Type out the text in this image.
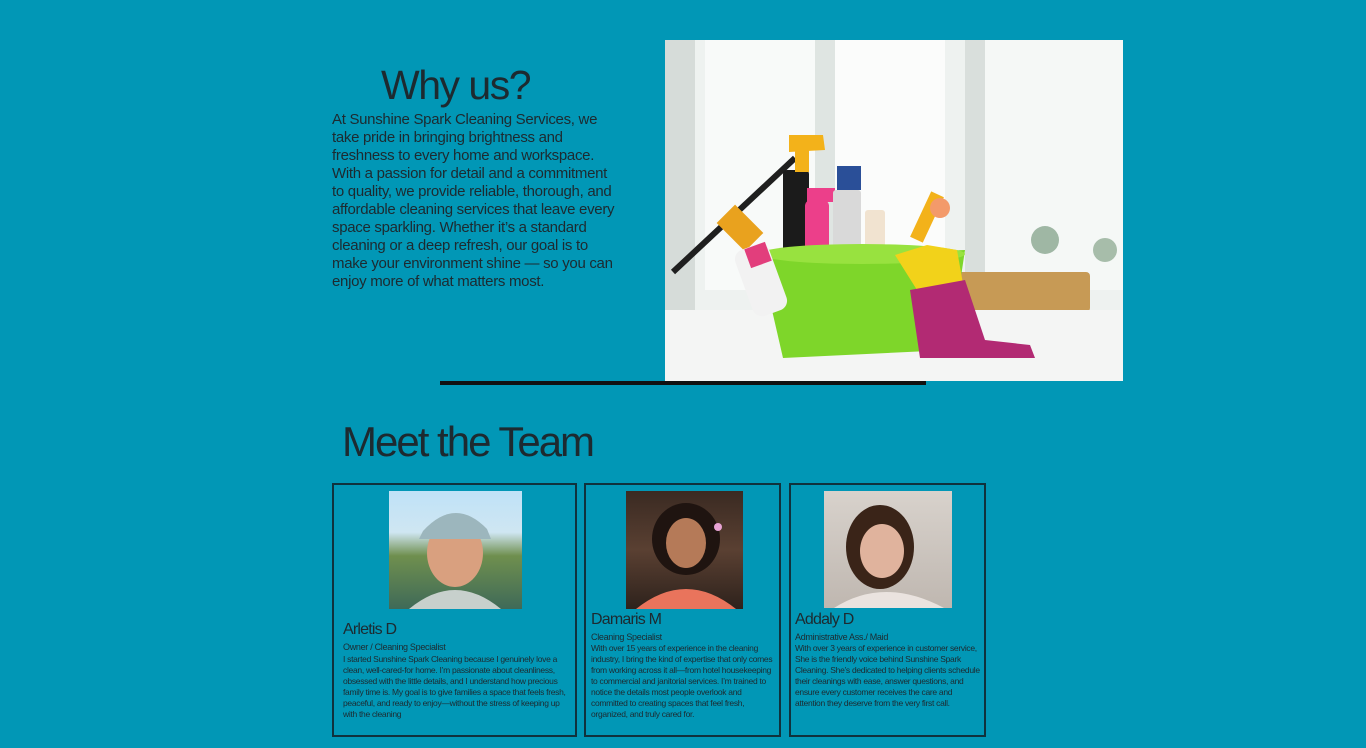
Why us?

At Sunshine Spark Cleaning Services, we take pride in bringing brightness and freshness to every home and workspace. With a passion for detail and a commitment to quality, we provide reliable, thorough, and affordable cleaning services that leave every space sparkling. Whether it’s a standard cleaning or a deep refresh, our goal is to make your environment shine — so you can enjoy more of what matters most.

Meet the Team

Arletis D

Owner / Cleaning Specialist

I started Sunshine Spark Cleaning because I genuinely love a clean, well-cared-for home. I’m passionate about cleanliness, obsessed with the little details, and I understand how precious family time is. My goal is to give families a space that feels fresh, peaceful, and ready to enjoy—without the stress of keeping up with the cleaning

Damaris M

Cleaning Specialist

With over 15 years of experience in the cleaning industry, I bring the kind of expertise that only comes from working across it all—from hotel housekeeping to commercial and janitorial services. I’m trained to notice the details most people overlook and committed to creating spaces that feel fresh, organized, and truly cared for.

Addaly D

Administrative Ass./ Maid

With over 3 years of experience in customer service, She is the friendly voice behind Sunshine Spark Cleaning. She’s dedicated to helping clients schedule their cleanings with ease, answer questions, and ensure every customer receives the care and attention they deserve from the very first call.
